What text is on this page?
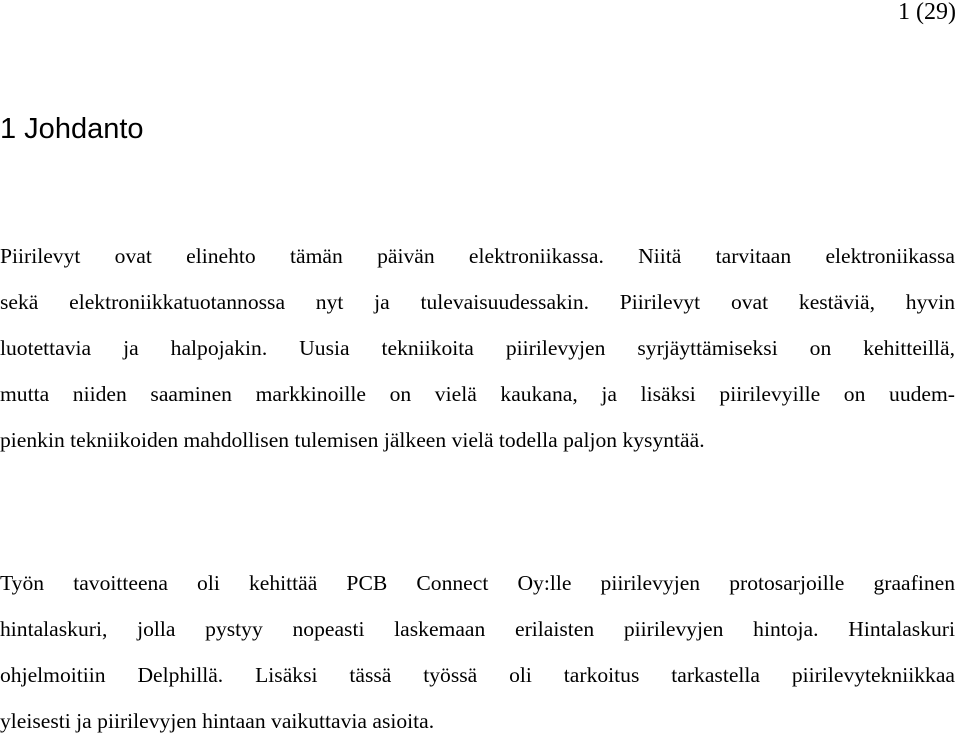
1 (29)
1 Johdanto
Piirilevyt ovat elinehto tämän päivän elektroniikassa. Niitä tarvitaan elektroniikassa
sekä elektroniikkatuotannossa nyt ja tulevaisuudessakin. Piirilevyt ovat kestäviä, hyvin
luotettavia ja halpojakin. Uusia tekniikoita piirilevyjen syrjäyttämiseksi on kehitteillä,
mutta niiden saaminen markkinoille on vielä kaukana, ja lisäksi piirilevyille on uudem-
pienkin tekniikoiden mahdollisen tulemisen jälkeen vielä todella paljon kysyntää.
Työn tavoitteena oli kehittää PCB Connect Oy:lle piirilevyjen protosarjoille graafinen
hintalaskuri, jolla pystyy nopeasti laskemaan erilaisten piirilevyjen hintoja. Hintalaskuri
ohjelmoitiin Delphillä. Lisäksi tässä työssä oli tarkoitus tarkastella piirilevytekniikkaa
yleisesti ja piirilevyjen hintaan vaikuttavia asioita.
